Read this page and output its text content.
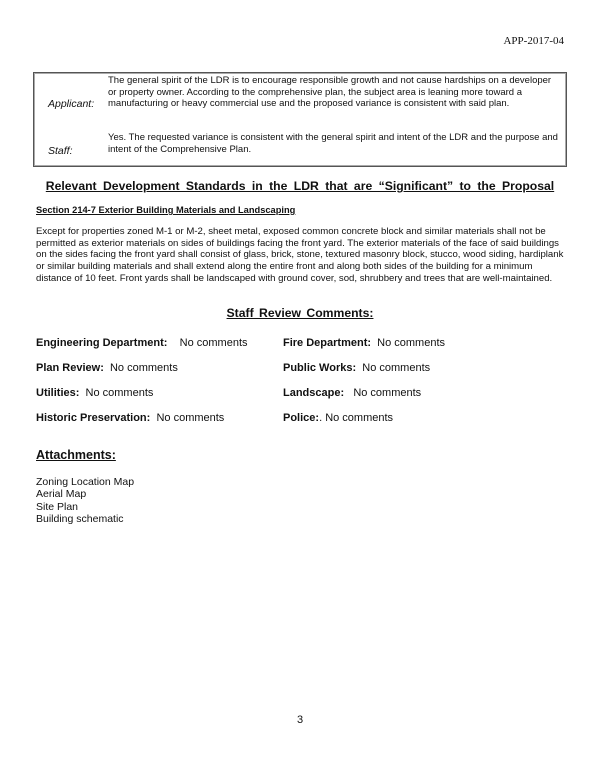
APP-2017-04
Applicant:
The general spirit of the LDR is to encourage responsible growth and not cause hardships on a developer or property owner. According to the comprehensive plan, the subject area is leaning more toward a manufacturing or heavy commercial use and the proposed variance is consistent with said plan.
Staff:
Yes. The requested variance is consistent with the general spirit and intent of the LDR and the purpose and intent of the Comprehensive Plan.
Relevant Development Standards in the LDR that are “Significant” to the Proposal
Section 214-7 Exterior Building Materials and Landscaping
Except for properties zoned M-1 or M-2, sheet metal, exposed common concrete block and similar materials shall not be permitted as exterior materials on sides of buildings facing the front yard. The exterior materials of the face of said buildings on the sides facing the front yard shall consist of glass, brick, stone, textured masonry block, stucco, wood siding, hardiplank or similar building materials and shall extend along the entire front and along both sides of the building for a minimum distance of 10 feet. Front yards shall be landscaped with ground cover, sod, shrubbery and trees that are well-maintained.
Staff Review Comments:
Engineering Department: No comments	Fire Department: No comments
Plan Review: No comments	Public Works: No comments
Utilities: No comments	Landscape: No comments
Historic Preservation: No comments	Police:. No comments
Attachments:
Zoning Location Map
Aerial Map
Site Plan
Building schematic
3
